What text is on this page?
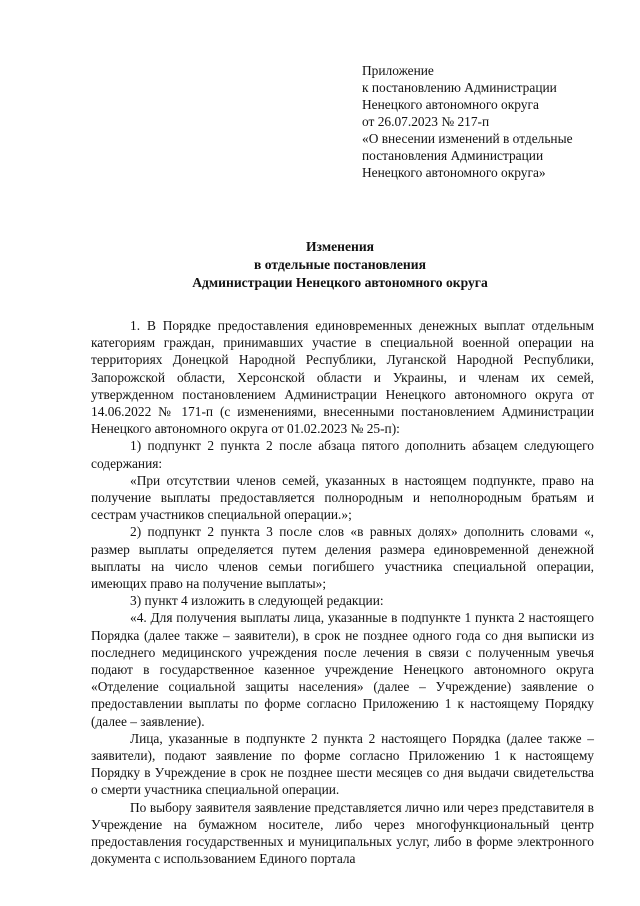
Приложение
к постановлению Администрации
Ненецкого автономного округа
от 26.07.2023 № 217-п
«О внесении изменений в отдельные
постановления Администрации
Ненецкого автономного округа»
Изменения
в отдельные постановления
Администрации Ненецкого автономного округа

1. В Порядке предоставления единовременных денежных выплат отдельным категориям граждан, принимавших участие в специальной военной операции на территориях Донецкой Народной Республики, Луганской Народной Республики, Запорожской области, Херсонской области и Украины, и членам их семей, утвержденном постановлением Администрации Ненецкого автономного округа от 14.06.2022 № 171-п (с изменениями, внесенными постановлением Администрации Ненецкого автономного округа от 01.02.2023 № 25-п):

1) подпункт 2 пункта 2 после абзаца пятого дополнить абзацем следующего содержания:

«При отсутствии членов семей, указанных в настоящем подпункте, право на получение выплаты предоставляется полнородным и неполнородным братьям и сестрам участников специальной операции.»;

2) подпункт 2 пункта 3 после слов «в равных долях» дополнить словами «, размер выплаты определяется путем деления размера единовременной денежной выплаты на число членов семьи погибшего участника специальной операции, имеющих право на получение выплаты»;

3) пункт 4 изложить в следующей редакции:

«4. Для получения выплаты лица, указанные в подпункте 1 пункта 2 настоящего Порядка (далее также – заявители), в срок не позднее одного года со дня выписки из последнего медицинского учреждения после лечения в связи с полученным увечья подают в государственное казенное учреждение Ненецкого автономного округа «Отделение социальной защиты населения» (далее – Учреждение) заявление о предоставлении выплаты по форме согласно Приложению 1 к настоящему Порядку (далее – заявление).

Лица, указанные в подпункте 2 пункта 2 настоящего Порядка (далее также – заявители), подают заявление по форме согласно Приложению 1 к настоящему Порядку в Учреждение в срок не позднее шести месяцев со дня выдачи свидетельства о смерти участника специальной операции.

По выбору заявителя заявление представляется лично или через представителя в Учреждение на бумажном носителе, либо через многофункциональный центр предоставления государственных и муниципальных услуг, либо в форме электронного документа с использованием Единого портала
